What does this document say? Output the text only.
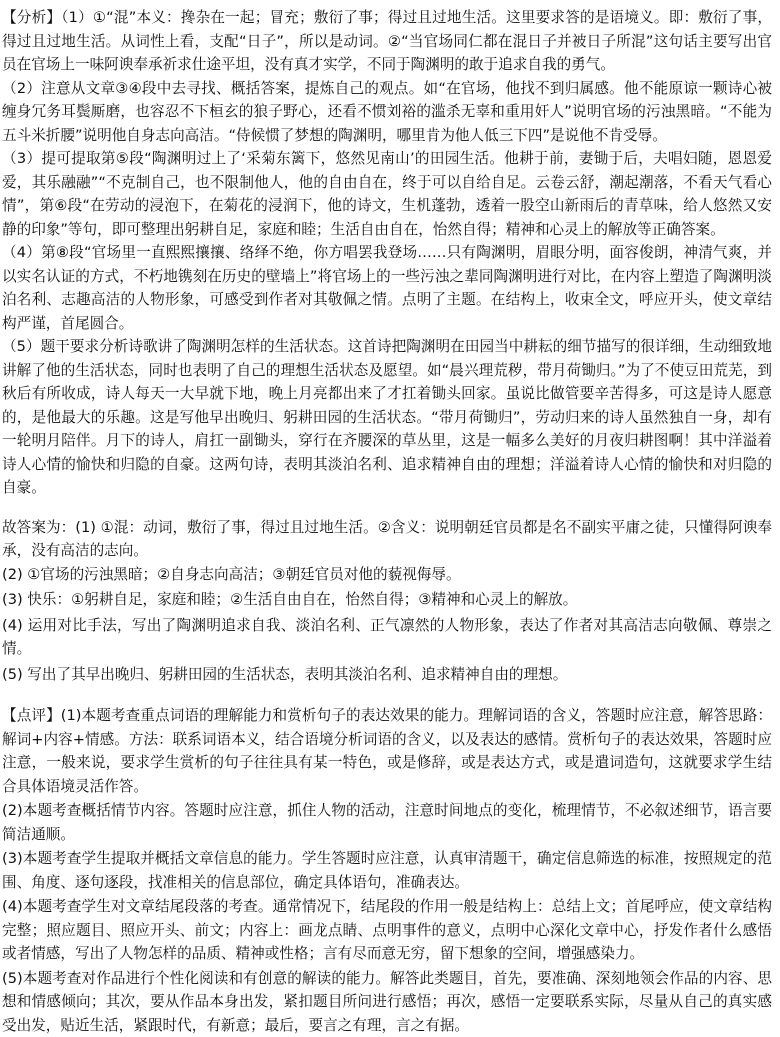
【分析】（1）①“混”本义：搀杂在一起；冒充；敷衍了事；得过且过地生活。这里要求答的是语境义。即：敷衍了事，得过且过地生活。从词性上看，支配“日子”，所以是动词。②“当官场同仁都在混日子并被日子所混”这句话主要写出官员在官场上一味阿谀奉承祈求仕途平坦，没有真才实学，不同于陶渊明的敢于追求自我的勇气。

（2）注意从文章③④段中去寻找、概括答案，提炼自己的观点。如“在官场，他找不到归属感。他不能原谅一颗诗心被缠身冗务耳鬓厮磨，也容忍不下桓玄的狼子野心，还看不惯刘裕的滥杀无辜和重用奸人”说明官场的污浊黑暗。“不能为五斗米折腰”说明他自身志向高洁。“侍候惯了梦想的陶渊明，哪里肯为他人低三下四”是说他不肯受辱。

（3）提可提取第⑤段“陶渊明过上了‘采菊东篱下，悠然见南山’的田园生活。他耕于前，妻锄于后，夫唱妇随，恩恩爱爱，其乐融融”“不克制自己，也不限制他人，他的自由自在，终于可以自给自足。云卷云舒，潮起潮落，不看天气看心情”，第⑥段“在劳动的浸泡下，在菊花的浸润下，他的诗文，生机蓬勃，透着一股空山新雨后的青草味，给人悠然又安静的印象”等句，即可整理出躬耕自足，家庭和睦；生活自由自在，怡然自得；精神和心灵上的解放等正确答案。

（4）第⑧段“官场里一直熙熙攘攘、络绎不绝，你方唱罢我登场……只有陶渊明，眉眼分明，面容俊朗，神清气爽，并以实名认证的方式，不朽地镌刻在历史的壁墙上”将官场上的一些污浊之辈同陶渊明进行对比，在内容上塑造了陶渊明淡泊名利、志趣高洁的人物形象，可感受到作者对其敬佩之情。点明了主题。在结构上，收束全文，呼应开头，使文章结构严谨，首尾圆合。

（5）题干要求分析诗歌讲了陶渊明怎样的生活状态。这首诗把陶渊明在田园当中耕耘的细节描写的很详细，生动细致地讲解了他的生活状态，同时也表明了自己的理想生活状态及愿望。如“晨兴理荒秽，带月荷锄归。”为了不使豆田荒芜，到秋后有所收成，诗人每天一大早就下地，晚上月亮都出来了才扛着锄头回家。虽说比做管要辛苦得多，可这是诗人愿意的，是他最大的乐趣。这是写他早出晚归、躬耕田园的生活状态。“带月荷锄归”，劳动归来的诗人虽然独自一身，却有一轮明月陪伴。月下的诗人，肩扛一副锄头，穿行在齐腰深的草丛里，这是一幅多么美好的月夜归耕图啊！其中洋溢着诗人心情的愉快和归隐的自豪。这两句诗，表明其淡泊名利、追求精神自由的理想；洋溢着诗人心情的愉快和对归隐的自豪。

故答案为：(1) ①混：动词，敷衍了事，得过且过地生活。②含义：说明朝廷官员都是名不副实平庸之徒，只懂得阿谀奉承，没有高洁的志向。

(2) ①官场的污浊黑暗；②自身志向高洁；③朝廷官员对他的藐视侮辱。

(3) 快乐：①躬耕自足，家庭和睦；②生活自由自在，怡然自得；③精神和心灵上的解放。

(4) 运用对比手法，写出了陶渊明追求自我、淡泊名利、正气凛然的人物形象，表达了作者对其高洁志向敬佩、尊崇之情。

(5) 写出了其早出晚归、躬耕田园的生活状态，表明其淡泊名利、追求精神自由的理想。

【点评】(1)本题考查重点词语的理解能力和赏析句子的表达效果的能力。理解词语的含义，答题时应注意，解答思路：解词+内容+情感。方法：联系词语本义，结合语境分析词语的含义，以及表达的感情。赏析句子的表达效果，答题时应注意，一般来说，要求学生赏析的句子往往具有某一特色，或是修辞，或是表达方式，或是遣词造句，这就要求学生结合具体语境灵活作答。

(2)本题考查概括情节内容。答题时应注意，抓住人物的活动，注意时间地点的变化，梳理情节，不必叙述细节，语言要简洁通顺。

(3)本题考查学生提取并概括文章信息的能力。学生答题时应注意，认真审清题干，确定信息筛选的标准，按照规定的范围、角度、逐句逐段，找准相关的信息部位，确定具体语句，准确表达。

(4)本题考查学生对文章结尾段落的考查。通常情况下，结尾段的作用一般是结构上：总结上文；首尾呼应，使文章结构完整；照应题目、照应开头、前文；内容上：画龙点睛、点明事件的意义，点明中心深化文章中心，抒发作者什么感悟或者情感，写出了人物怎样的品质、精神或性格；言有尽而意无穷，留下想象的空间，增强感染力。

(5)本题考查对作品进行个性化阅读和有创意的解读的能力。解答此类题目，首先，要准确、深刻地领会作品的内容、思想和情感倾向；其次，要从作品本身出发，紧扣题目所问进行感悟；再次，感悟一定要联系实际，尽量从自己的真实感受出发，贴近生活，紧跟时代，有新意；最后，要言之有理，言之有据。
